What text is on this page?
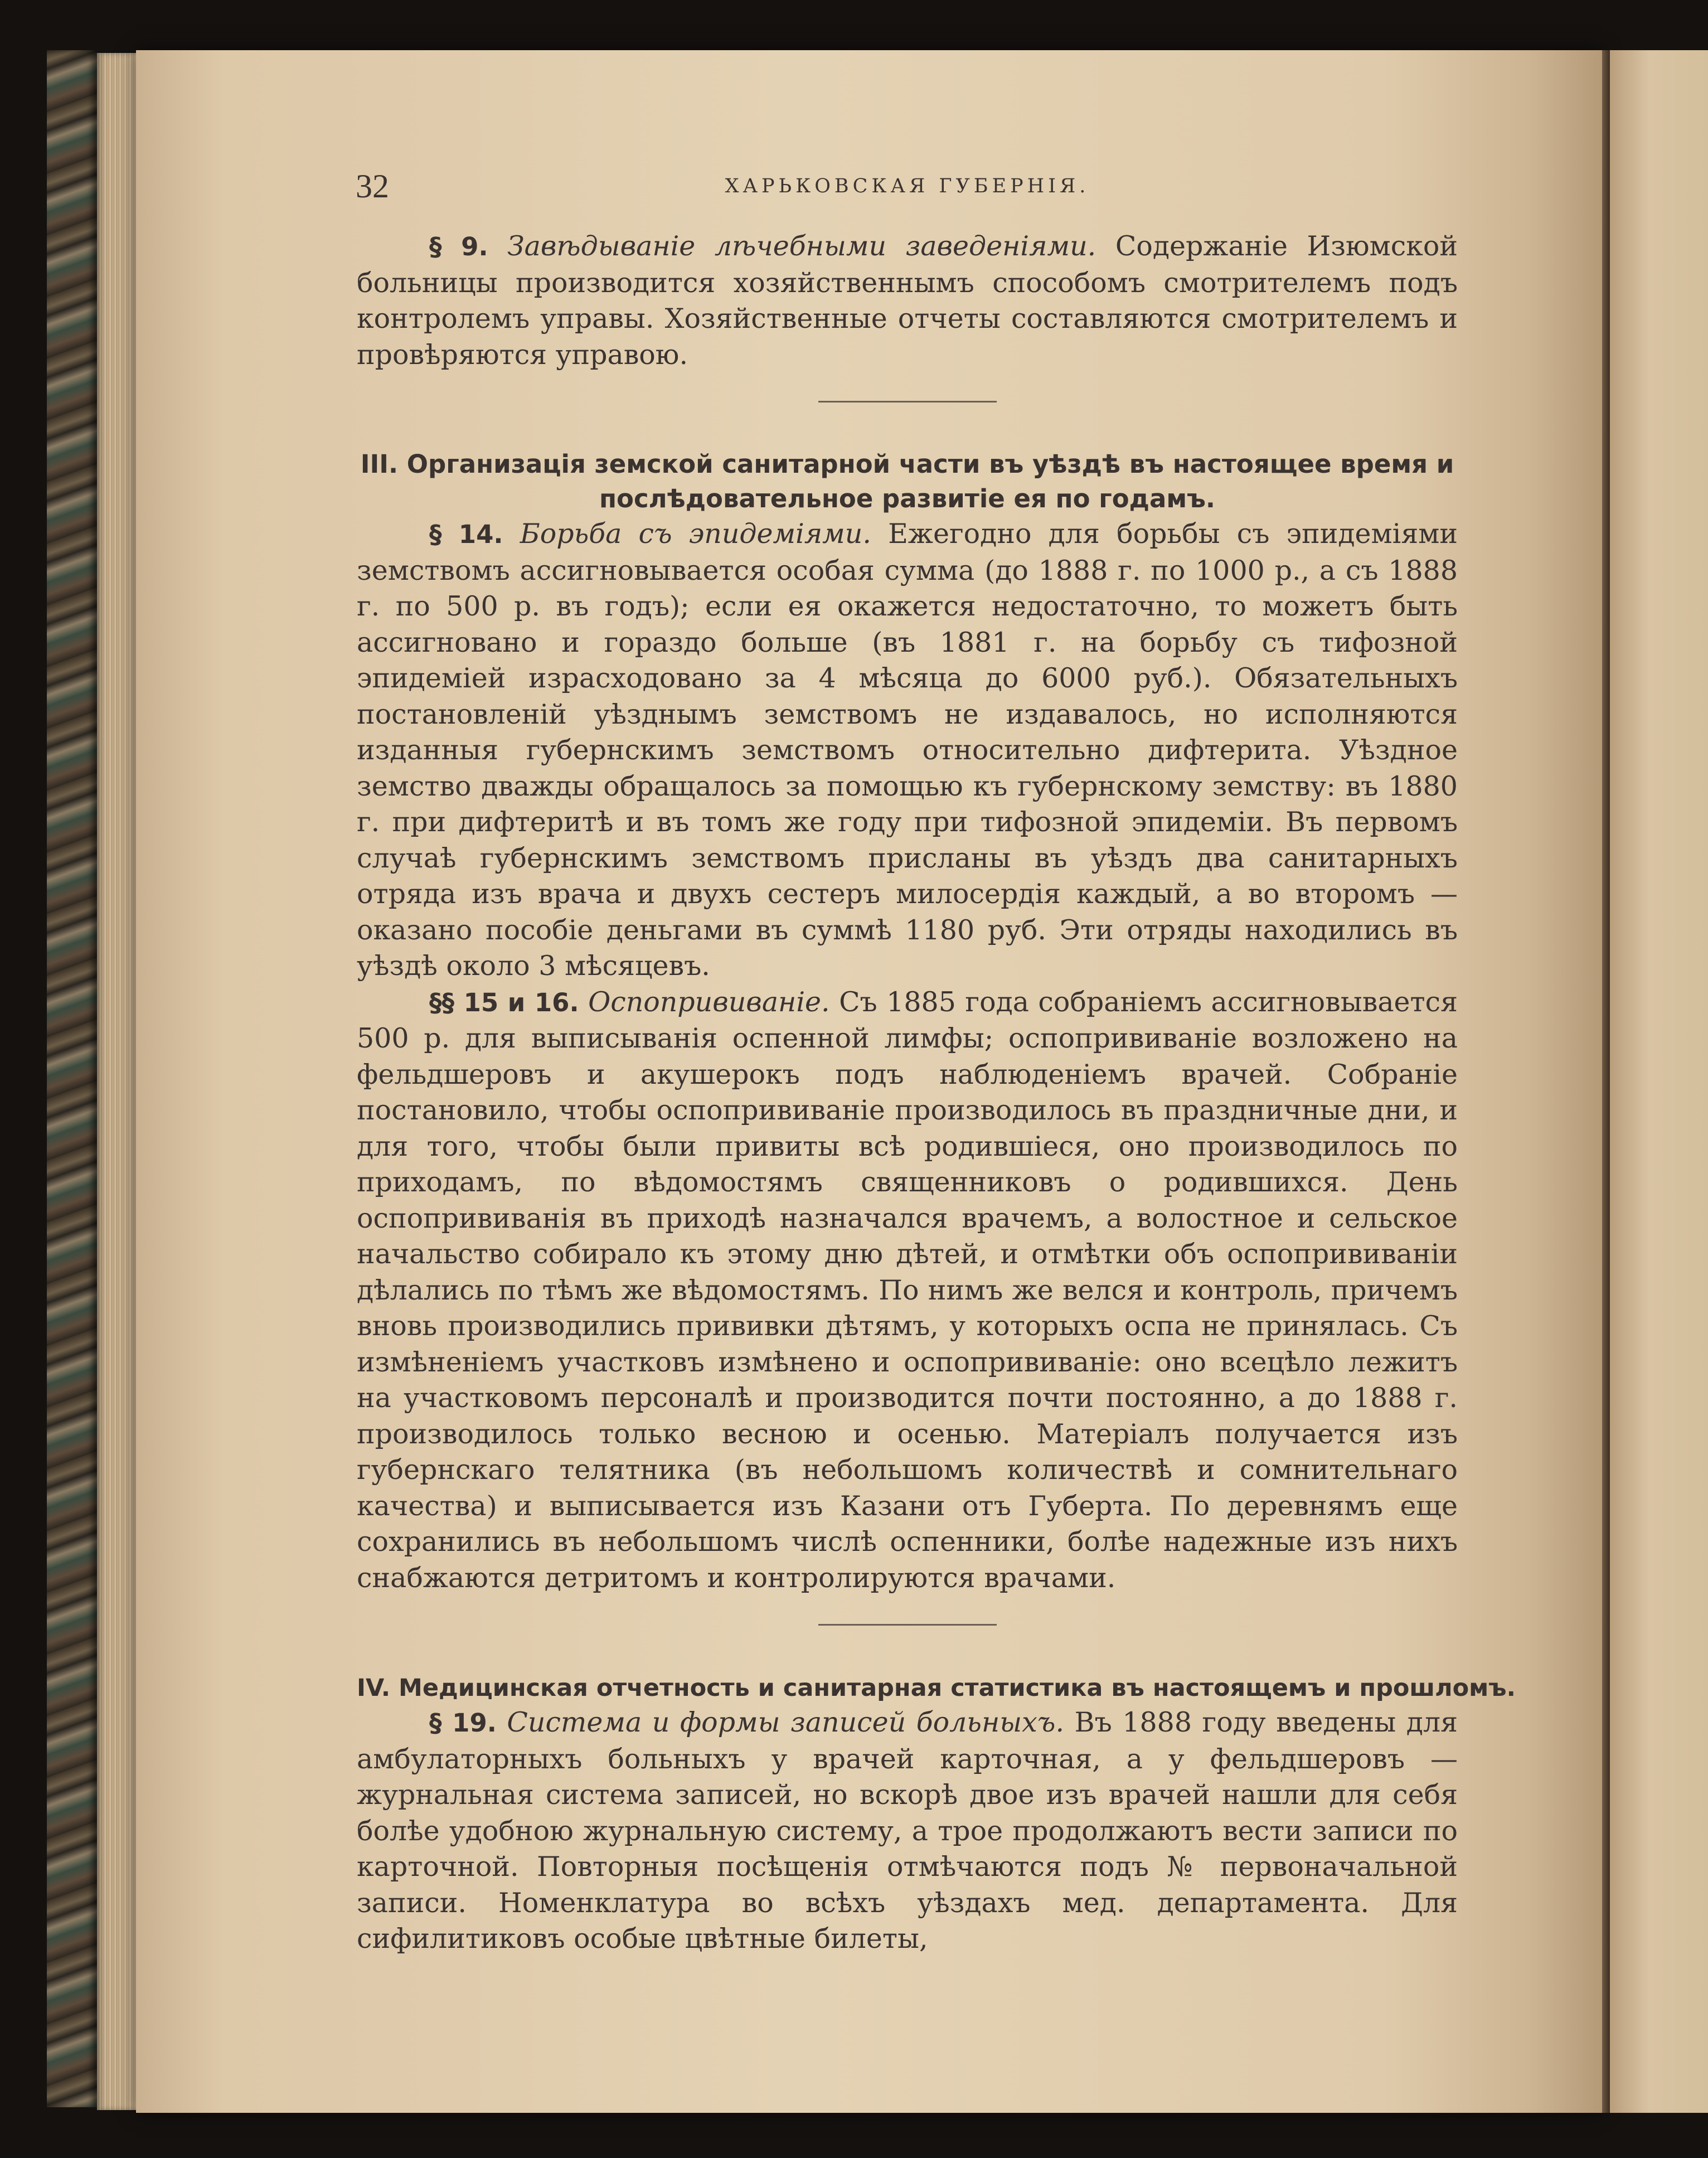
32	ХАРЬКОВСКАЯ ГУБЕРНІЯ.

§ 9. Завѣдываніе лѣчебными заведеніями. Содержаніе Изюмской больницы производится хозяйственнымъ способомъ смотрителемъ подъ контролемъ управы. Хозяйственные отчеты составляются смотрителемъ и провѣряются управою.

III. Организація земской санитарной части въ уѣздѣ въ настоящее время и послѣдовательное развитіе ея по годамъ.

§ 14. Борьба съ эпидеміями. Ежегодно для борьбы съ эпидеміями земствомъ ассигновывается особая сумма (до 1888 г. по 1000 р., а съ 1888 г. по 500 р. въ годъ); если ея окажется недостаточно, то можетъ быть ассигновано и гораздо больше (въ 1881 г. на борьбу съ тифозной эпидеміей израсходовано за 4 мѣсяца до 6000 руб.). Обязательныхъ постановленій уѣзднымъ земствомъ не издавалось, но исполняются изданныя губернскимъ земствомъ относительно дифтерита. Уѣздное земство дважды обращалось за помощью къ губернскому земству: въ 1880 г. при дифтеритѣ и въ томъ же году при тифозной эпидеміи. Въ первомъ случаѣ губернскимъ земствомъ присланы въ уѣздъ два санитарныхъ отряда изъ врача и двухъ сестеръ милосердія каждый, а во второмъ — оказано пособіе деньгами въ суммѣ 1180 руб. Эти отряды находились въ уѣздѣ около 3 мѣсяцевъ.

§§ 15 и 16. Оспопрививаніе. Съ 1885 года собраніемъ ассигновывается 500 р. для выписыванія оспенной лимфы; оспопрививаніе возложено на фельдшеровъ и акушерокъ подъ наблюденіемъ врачей. Собраніе постановило, чтобы оспопрививаніе производилось въ праздничные дни, и для того, чтобы были привиты всѣ родившіеся, оно производилось по приходамъ, по вѣдомостямъ священниковъ о родившихся. День оспопрививанія въ приходѣ назначался врачемъ, а волостное и сельское начальство собирало къ этому дню дѣтей, и отмѣтки объ оспопрививаніи дѣлались по тѣмъ же вѣдомостямъ. По нимъ же велся и контроль, причемъ вновь производились прививки дѣтямъ, у которыхъ оспа не принялась. Съ измѣненіемъ участковъ измѣнено и оспопрививаніе: оно всецѣло лежитъ на участковомъ персоналѣ и производится почти постоянно, а до 1888 г. производилось только весною и осенью. Матеріалъ получается изъ губернскаго телятника (въ небольшомъ количествѣ и сомнительнаго качества) и выписывается изъ Казани отъ Губерта. По деревнямъ еще сохранились въ небольшомъ числѣ оспенники, болѣе надежные изъ нихъ снабжаются детритомъ и контролируются врачами.

IV. Медицинская отчетность и санитарная статистика въ настоящемъ и прошломъ.

§ 19. Система и формы записей больныхъ. Въ 1888 году введены для амбулаторныхъ больныхъ у врачей карточная, а у фельдшеровъ — журнальная система записей, но вскорѣ двое изъ врачей нашли для себя болѣе удобною журнальную систему, а трое продолжаютъ вести записи по карточной. Повторныя посѣщенія отмѣчаются подъ № первоначальной записи. Номенклатура во всѣхъ уѣздахъ мед. департамента. Для сифилитиковъ особые цвѣтные билеты,
